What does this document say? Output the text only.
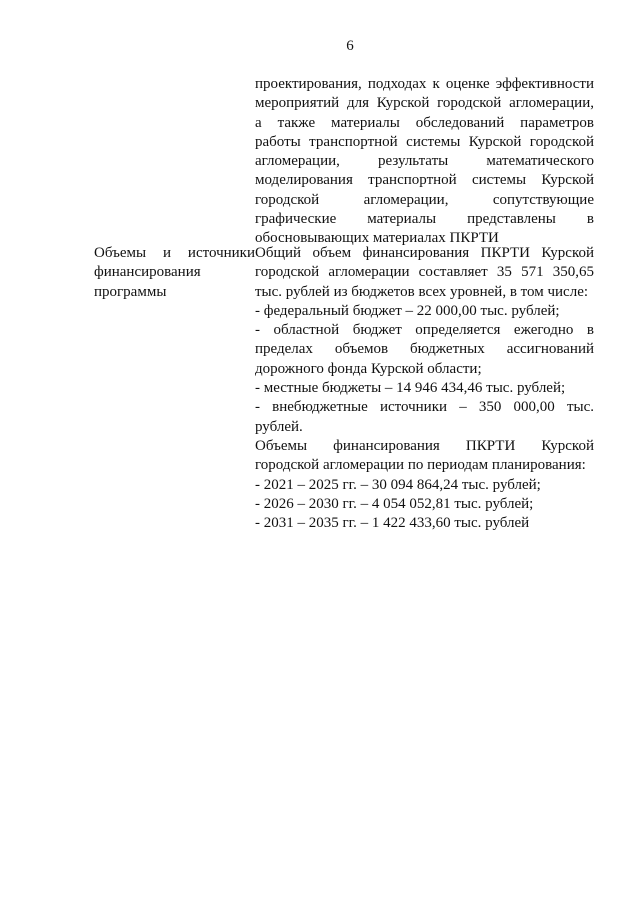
6
проектирования, подходах к оценке эффективности
мероприятий для Курской городской агломерации,
а также материалы обследований параметров
работы транспортной системы Курской городской
агломерации, результаты математического
моделирования транспортной системы Курской
городской агломерации, сопутствующие
графические материалы представлены в
обосновывающих материалах ПКРТИ
Объемы и источники
финансирования
программы
Общий объем финансирования ПКРТИ Курской
городской агломерации составляет 35 571 350,65
тыс. рублей из бюджетов всех уровней, в том числе:
- федеральный бюджет – 22 000,00 тыс. рублей;
- областной бюджет определяется ежегодно в
пределах объемов бюджетных ассигнований
дорожного фонда Курской области;
- местные бюджеты – 14 946 434,46 тыс. рублей;
- внебюджетные источники – 350 000,00 тыс.
рублей.
Объемы финансирования ПКРТИ Курской
городской агломерации по периодам планирования:
- 2021 – 2025 гг. – 30 094 864,24 тыс. рублей;
- 2026 – 2030 гг. – 4 054 052,81 тыс. рублей;
- 2031 – 2035 гг. – 1 422 433,60 тыс. рублей
